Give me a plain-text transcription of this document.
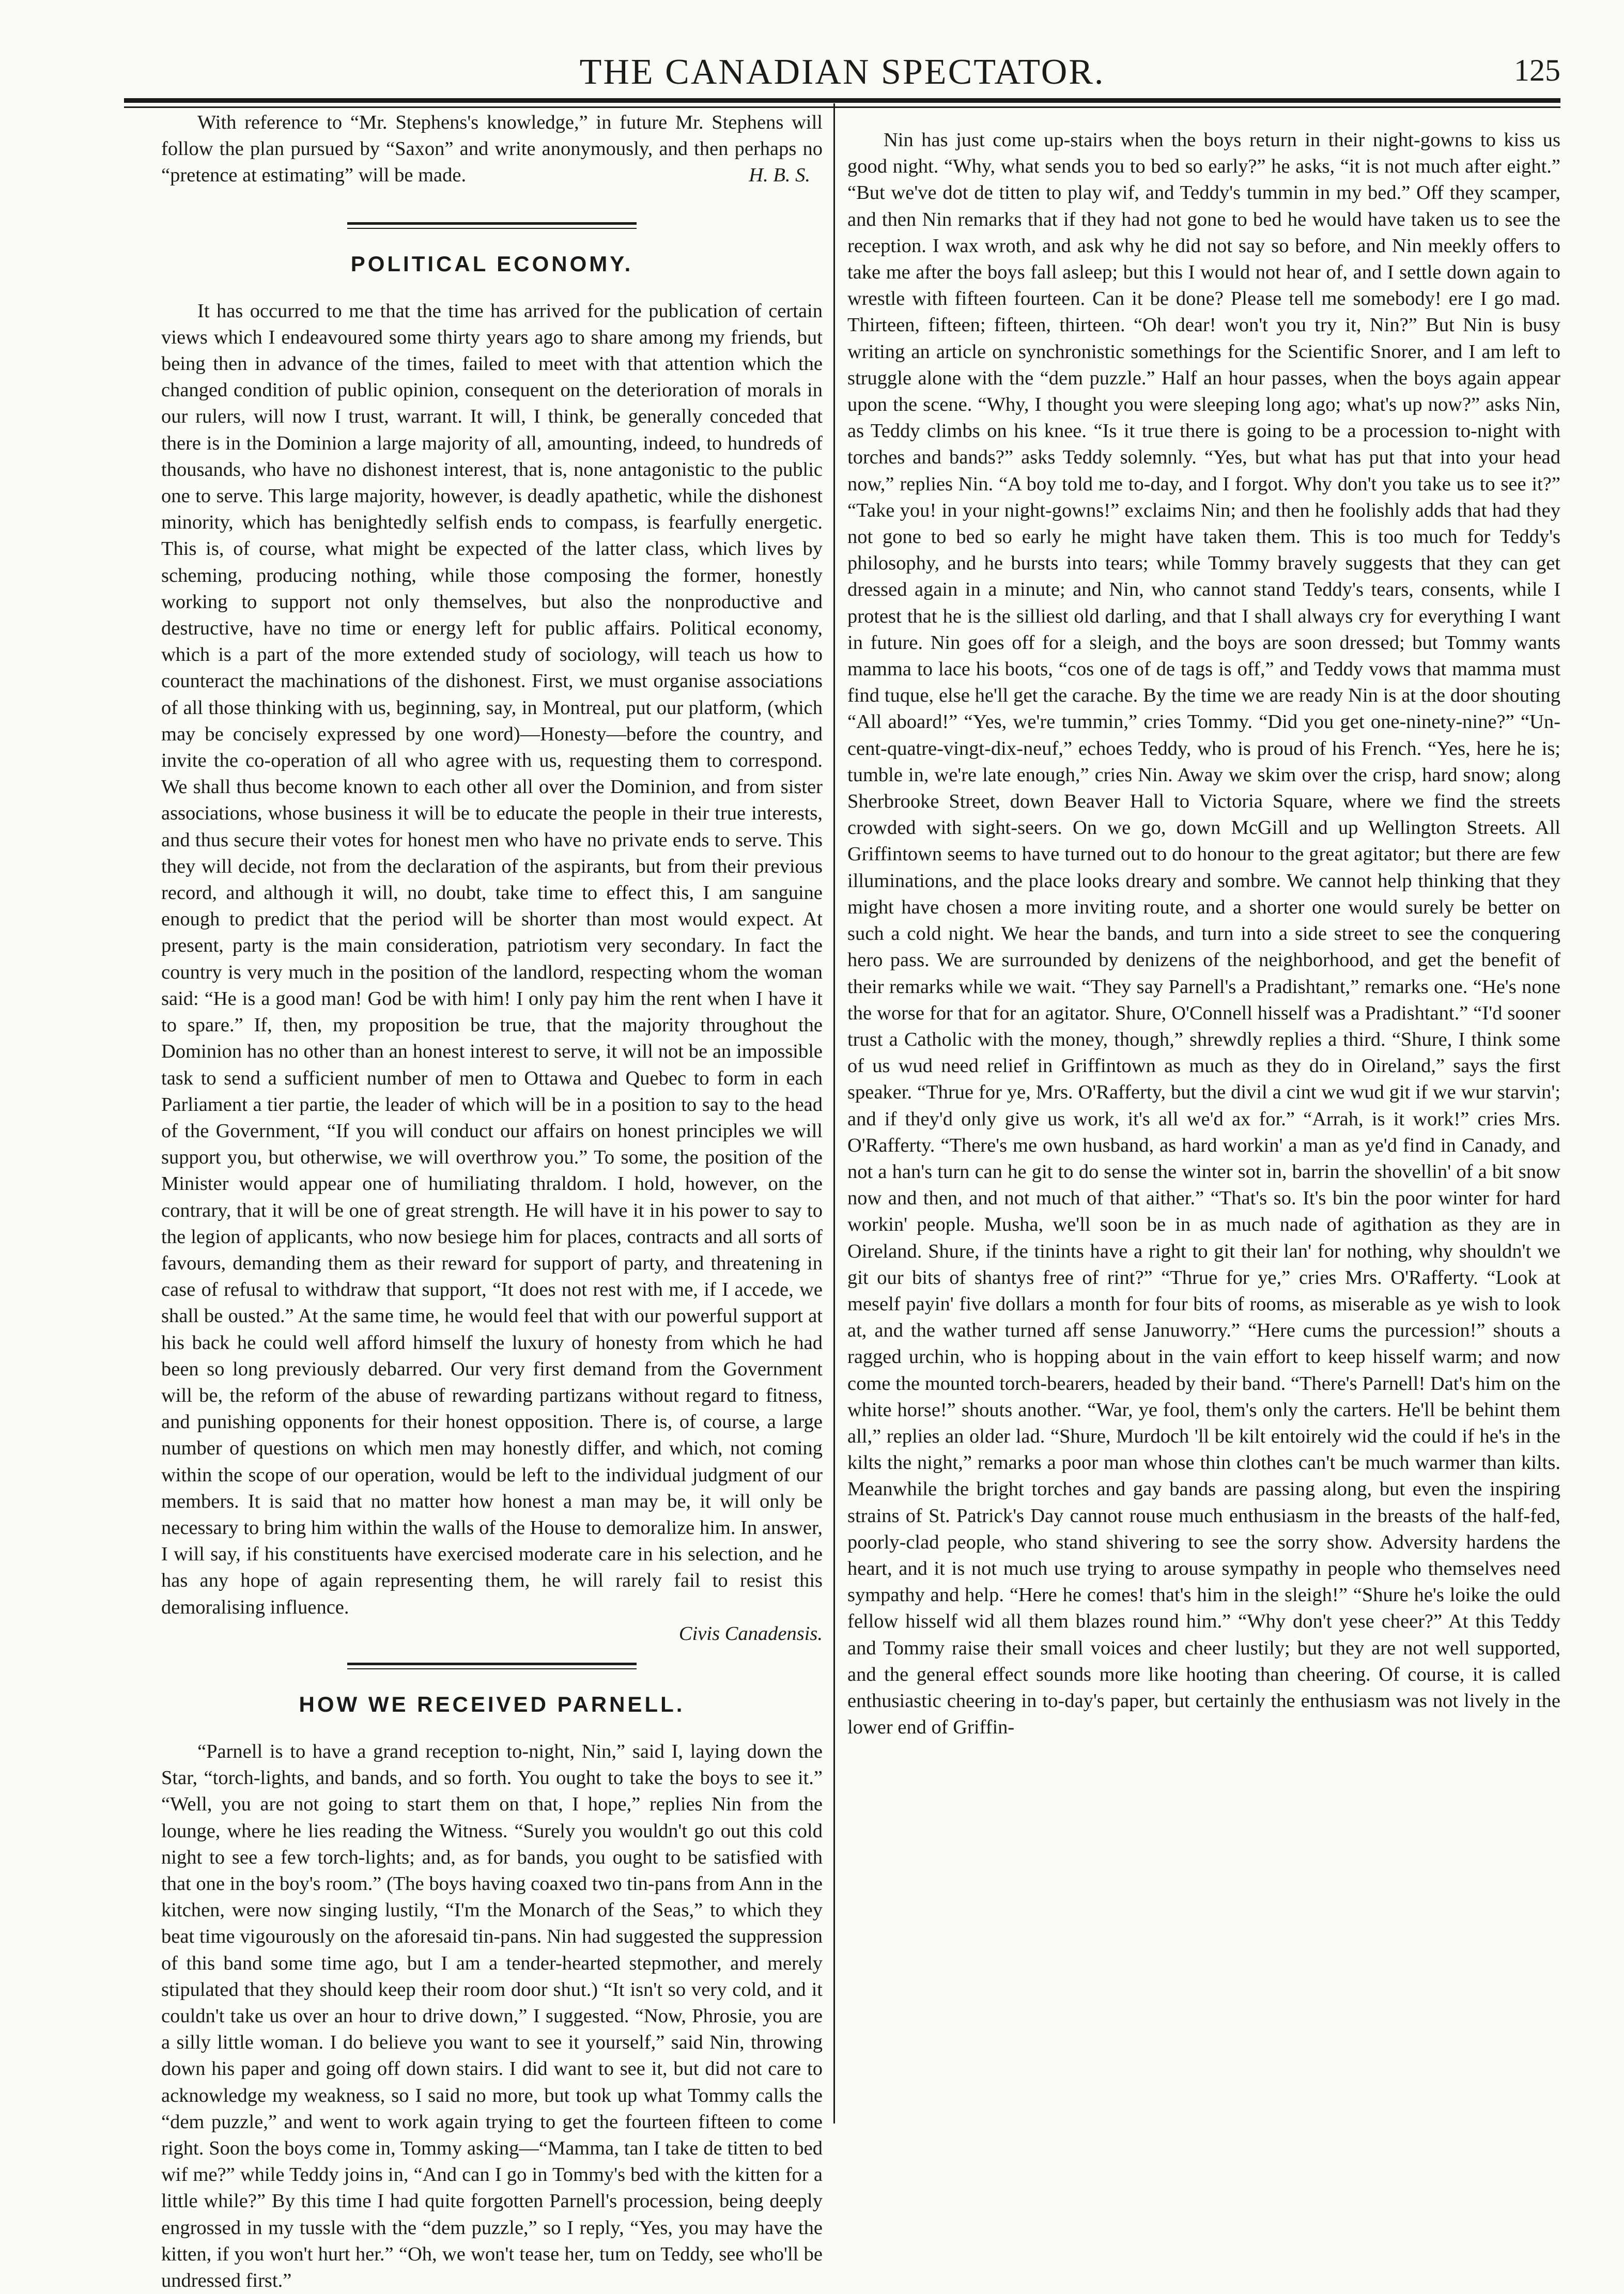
THE CANADIAN SPECTATOR.	125

With reference to “Mr. Stephens's knowledge,” in future Mr. Stephens will follow the plan pursued by “Saxon” and write anonymously, and then perhaps no “pretence at estimating” will be made.	H. B. S.

POLITICAL ECONOMY.

It has occurred to me that the time has arrived for the publication of certain views which I endeavoured some thirty years ago to share among my friends, but being then in advance of the times, failed to meet with that attention which the changed condition of public opinion, consequent on the deterioration of morals in our rulers, will now I trust, warrant. It will, I think, be generally conceded that there is in the Dominion a large majority of all, amounting, indeed, to hundreds of thousands, who have no dishonest interest, that is, none antagonistic to the public one to serve. This large majority, however, is deadly apathetic, while the dishonest minority, which has benightedly selfish ends to compass, is fearfully energetic. This is, of course, what might be expected of the latter class, which lives by scheming, producing nothing, while those composing the former, honestly working to support not only themselves, but also the nonproductive and destructive, have no time or energy left for public affairs. Political economy, which is a part of the more extended study of sociology, will teach us how to counteract the machinations of the dishonest. First, we must organise associations of all those thinking with us, beginning, say, in Montreal, put our platform, (which may be concisely expressed by one word)—Honesty—before the country, and invite the co-operation of all who agree with us, requesting them to correspond. We shall thus become known to each other all over the Dominion, and from sister associations, whose business it will be to educate the people in their true interests, and thus secure their votes for honest men who have no private ends to serve. This they will decide, not from the declaration of the aspirants, but from their previous record, and although it will, no doubt, take time to effect this, I am sanguine enough to predict that the period will be shorter than most would expect. At present, party is the main consideration, patriotism very secondary. In fact the country is very much in the position of the landlord, respecting whom the woman said: “He is a good man! God be with him! I only pay him the rent when I have it to spare.” If, then, my proposition be true, that the majority throughout the Dominion has no other than an honest interest to serve, it will not be an impossible task to send a sufficient number of men to Ottawa and Quebec to form in each Parliament a tier partie, the leader of which will be in a position to say to the head of the Government, “If you will conduct our affairs on honest principles we will support you, but otherwise, we will overthrow you.” To some, the position of the Minister would appear one of humiliating thraldom. I hold, however, on the contrary, that it will be one of great strength. He will have it in his power to say to the legion of applicants, who now besiege him for places, contracts and all sorts of favours, demanding them as their reward for support of party, and threatening in case of refusal to withdraw that support, “It does not rest with me, if I accede, we shall be ousted.” At the same time, he would feel that with our powerful support at his back he could well afford himself the luxury of honesty from which he had been so long previously debarred. Our very first demand from the Government will be, the reform of the abuse of rewarding partizans without regard to fitness, and punishing opponents for their honest opposition. There is, of course, a large number of questions on which men may honestly differ, and which, not coming within the scope of our operation, would be left to the individual judgment of our members. It is said that no matter how honest a man may be, it will only be necessary to bring him within the walls of the House to demoralize him. In answer, I will say, if his constituents have exercised moderate care in his selection, and he has any hope of again representing them, he will rarely fail to resist this demoralising influence.

Civis Canadensis.
HOW WE RECEIVED PARNELL.

“Parnell is to have a grand reception to-night, Nin,” said I, laying down the Star, “torch-lights, and bands, and so forth. You ought to take the boys to see it.” “Well, you are not going to start them on that, I hope,” replies Nin from the lounge, where he lies reading the Witness. “Surely you wouldn't go out this cold night to see a few torch-lights; and, as for bands, you ought to be satisfied with that one in the boy's room.” (The boys having coaxed two tin-pans from Ann in the kitchen, were now singing lustily, “I'm the Monarch of the Seas,” to which they beat time vigourously on the aforesaid tin-pans. Nin had suggested the suppression of this band some time ago, but I am a tender-hearted stepmother, and merely stipulated that they should keep their room door shut.) “It isn't so very cold, and it couldn't take us over an hour to drive down,” I suggested. “Now, Phrosie, you are a silly little woman. I do believe you want to see it yourself,” said Nin, throwing down his paper and going off down stairs. I did want to see it, but did not care to acknowledge my weakness, so I said no more, but took up what Tommy calls the “dem puzzle,” and went to work again trying to get the fourteen fifteen to come right. Soon the boys come in, Tommy asking—“Mamma, tan I take de titten to bed wif me?” while Teddy joins in, “And can I go in Tommy's bed with the kitten for a little while?” By this time I had quite forgotten Parnell's procession, being deeply engrossed in my tussle with the “dem puzzle,” so I reply, “Yes, you may have the kitten, if you won't hurt her.” “Oh, we won't tease her, tum on Teddy, see who'll be undressed first.”

Nin has just come up-stairs when the boys return in their night-gowns to kiss us good night. “Why, what sends you to bed so early?” he asks, “it is not much after eight.” “But we've dot de titten to play wif, and Teddy's tummin in my bed.” Off they scamper, and then Nin remarks that if they had not gone to bed he would have taken us to see the reception. I wax wroth, and ask why he did not say so before, and Nin meekly offers to take me after the boys fall asleep; but this I would not hear of, and I settle down again to wrestle with fifteen fourteen. Can it be done? Please tell me somebody! ere I go mad. Thirteen, fifteen; fifteen, thirteen. “Oh dear! won't you try it, Nin?” But Nin is busy writing an article on synchronistic somethings for the Scientific Snorer, and I am left to struggle alone with the “dem puzzle.” Half an hour passes, when the boys again appear upon the scene. “Why, I thought you were sleeping long ago; what's up now?” asks Nin, as Teddy climbs on his knee. “Is it true there is going to be a procession to-night with torches and bands?” asks Teddy solemnly. “Yes, but what has put that into your head now,” replies Nin. “A boy told me to-day, and I forgot. Why don't you take us to see it?” “Take you! in your night-gowns!” exclaims Nin; and then he foolishly adds that had they not gone to bed so early he might have taken them. This is too much for Teddy's philosophy, and he bursts into tears; while Tommy bravely suggests that they can get dressed again in a minute; and Nin, who cannot stand Teddy's tears, consents, while I protest that he is the silliest old darling, and that I shall always cry for everything I want in future. Nin goes off for a sleigh, and the boys are soon dressed; but Tommy wants mamma to lace his boots, “cos one of de tags is off,” and Teddy vows that mamma must find tuque, else he'll get the carache. By the time we are ready Nin is at the door shouting “All aboard!” “Yes, we're tummin,” cries Tommy. “Did you get one-ninety-nine?” “Un-cent-quatre-vingt-dix-neuf,” echoes Teddy, who is proud of his French. “Yes, here he is; tumble in, we're late enough,” cries Nin. Away we skim over the crisp, hard snow; along Sherbrooke Street, down Beaver Hall to Victoria Square, where we find the streets crowded with sight-seers. On we go, down McGill and up Wellington Streets. All Griffintown seems to have turned out to do honour to the great agitator; but there are few illuminations, and the place looks dreary and sombre. We cannot help thinking that they might have chosen a more inviting route, and a shorter one would surely be better on such a cold night. We hear the bands, and turn into a side street to see the conquering hero pass. We are surrounded by denizens of the neighborhood, and get the benefit of their remarks while we wait. “They say Parnell's a Pradishtant,” remarks one. “He's none the worse for that for an agitator. Shure, O'Connell hisself was a Pradishtant.” “I'd sooner trust a Catholic with the money, though,” shrewdly replies a third. “Shure, I think some of us wud need relief in Griffintown as much as they do in Oireland,” says the first speaker. “Thrue for ye, Mrs. O'Rafferty, but the divil a cint we wud git if we wur starvin'; and if they'd only give us work, it's all we'd ax for.” “Arrah, is it work!” cries Mrs. O'Rafferty. “There's me own husband, as hard workin' a man as ye'd find in Canady, and not a han's turn can he git to do sense the winter sot in, barrin the shovellin' of a bit snow now and then, and not much of that aither.” “That's so. It's bin the poor winter for hard workin' people. Musha, we'll soon be in as much nade of agithation as they are in Oireland. Shure, if the tinints have a right to git their lan' for nothing, why shouldn't we git our bits of shantys free of rint?” “Thrue for ye,” cries Mrs. O'Rafferty. “Look at meself payin' five dollars a month for four bits of rooms, as miserable as ye wish to look at, and the wather turned aff sense Januworry.” “Here cums the purcession!” shouts a ragged urchin, who is hopping about in the vain effort to keep hisself warm; and now come the mounted torch-bearers, headed by their band. “There's Parnell! Dat's him on the white horse!” shouts another. “War, ye fool, them's only the carters. He'll be behint them all,” replies an older lad. “Shure, Murdoch 'll be kilt entoirely wid the could if he's in the kilts the night,” remarks a poor man whose thin clothes can't be much warmer than kilts. Meanwhile the bright torches and gay bands are passing along, but even the inspiring strains of St. Patrick's Day cannot rouse much enthusiasm in the breasts of the half-fed, poorly-clad people, who stand shivering to see the sorry show. Adversity hardens the heart, and it is not much use trying to arouse sympathy in people who themselves need sympathy and help. “Here he comes! that's him in the sleigh!” “Shure he's loike the ould fellow hisself wid all them blazes round him.” “Why don't yese cheer?” At this Teddy and Tommy raise their small voices and cheer lustily; but they are not well supported, and the general effect sounds more like hooting than cheering. Of course, it is called enthusiastic cheering in to-day's paper, but certainly the enthusiasm was not lively in the lower end of Griffin-
